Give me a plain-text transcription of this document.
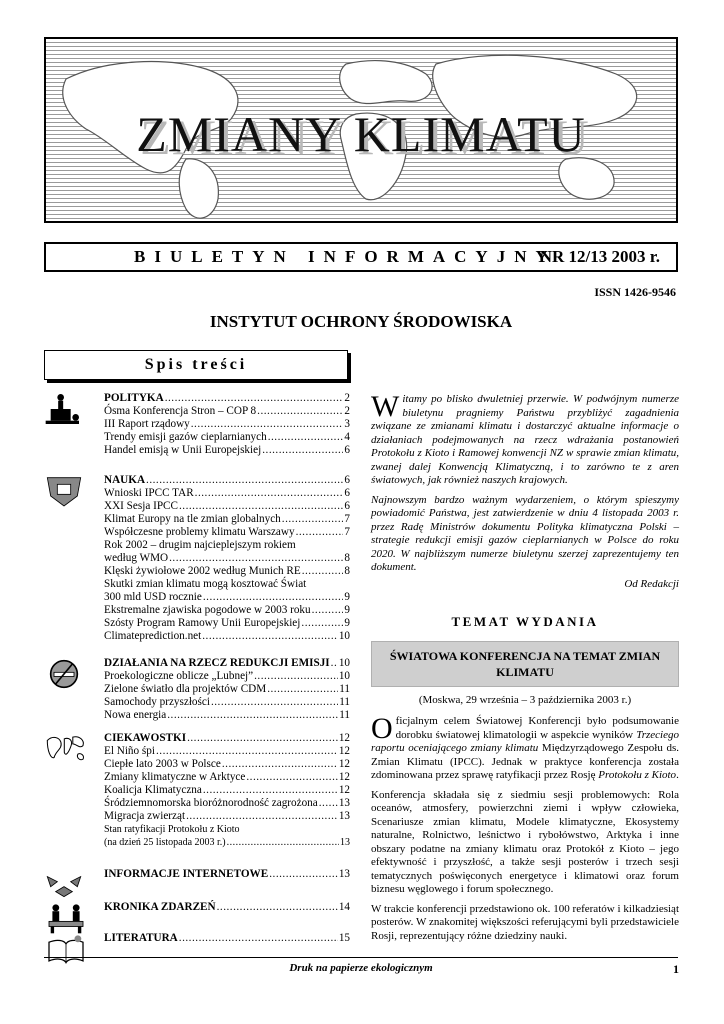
ZMIANY KLIMATU
BIULETYN INFORMACYJNY
NR 12/13 2003 r.
ISSN 1426-9546
INSTYTUT OCHRONY ŚRODOWISKA
Spis treści
POLITYKA .....	2
Ósma Konferencja Stron – COP 8 .....	2
III Raport rządowy .....	3
Trendy emisji gazów cieplarnianych .....	4
Handel emisją w Unii Europejskiej .....	6
NAUKA .....	6
Wnioski IPCC TAR .....	6
XXI Sesja IPCC .....	6
Klimat Europy na tle zmian globalnych .....	7
Współczesne problemy klimatu Warszawy .....	7
Rok 2002 – drugim najcieplejszym rokiem
według WMO .....	8
Klęski żywiołowe 2002 według Munich RE .....	8
Skutki zmian klimatu mogą kosztować Świat
300 mld USD rocznie .....	9
Ekstremalne zjawiska pogodowe w 2003 roku .....	9
Szósty Program Ramowy Unii Europejskiej .....	9
Climateprediction.net .....	10
DZIAŁANIA NA RZECZ REDUKCJI EMISJI ..... 10
Proekologiczne oblicze „Lubnej” .....	10
Zielone światło dla projektów CDM .....	11
Samochody przyszłości .....	11
Nowa energia .....	11
CIEKAWOSTKI .....	12
El Niño śpi .....	12
Ciepłe lato 2003 w Polsce .....	12
Zmiany klimatyczne w Arktyce .....	12
Koalicja Klimatyczna .....	12
Śródziemnomorska bioróżnorodność zagrożona ..... 13
Migracja zwierząt .....	13
Stan ratyfikacji Protokołu z Kioto
(na dzień 25 listopada 2003 r.) .....	13
INFORMACJE INTERNETOWE .....	13
KRONIKA ZDARZEŃ .....	14
LITERATURA .....	15

Witamy po blisko dwuletniej przerwie. W podwójnym numerze biuletynu pragniemy Państwu przybliżyć zagadnienia związane ze zmianami klimatu i dostarczyć aktualne informacje o działaniach podejmowanych na rzecz wdrażania postanowień Protokołu z Kioto i Ramowej konwencji NZ w sprawie zmian klimatu, zwanej dalej Konwencją Klimatyczną, i to zarówno te z aren światowych, jak również naszych krajowych.

Najnowszym bardzo ważnym wydarzeniem, o którym spieszymy powiadomić Państwa, jest zatwierdzenie w dniu 4 listopada 2003 r. przez Radę Ministrów dokumentu Polityka klimatyczna Polski – strategie redukcji emisji gazów cieplarnianych w Polsce do roku 2020. W najbliższym numerze biuletynu szerzej zaprezentujemy ten dokument.

Od Redakcji

TEMAT WYDANIA
ŚWIATOWA KONFERENCJA NA TEMAT ZMIAN KLIMATU
(Moskwa, 29 września – 3 października 2003 r.)

Oficjalnym celem Światowej Konferencji było podsumowanie dorobku światowej klimatologii w aspekcie wyników Trzeciego raportu oceniającego zmiany klimatu Międzyrządowego Zespołu ds. Zmian Klimatu (IPCC). Jednak w praktyce konferencja została zdominowana przez sprawę ratyfikacji przez Rosję Protokołu z Kioto.

Konferencja składała się z siedmiu sesji problemowych: Rola oceanów, atmosfery, powierzchni ziemi i wpływ człowieka, Scenariusze zmian klimatu, Modele klimatyczne, Ekosystemy naturalne, Rolnictwo, leśnictwo i rybołówstwo, Arktyka i inne obszary podatne na zmiany klimatu oraz Protokół z Kioto – jego efektywność i przyszłość, a także sesji posterów i trzech sesji tematycznych poświęconych energetyce i klimatowi oraz forum biznesu węglowego i forum społecznego.

W trakcie konferencji przedstawiono ok. 100 referatów i kilkadziesiąt posterów. W znakomitej większości referującymi byli przedstawiciele Rosji, reprezentujący różne dziedziny nauki.

Druk na papierze ekologicznym	1
